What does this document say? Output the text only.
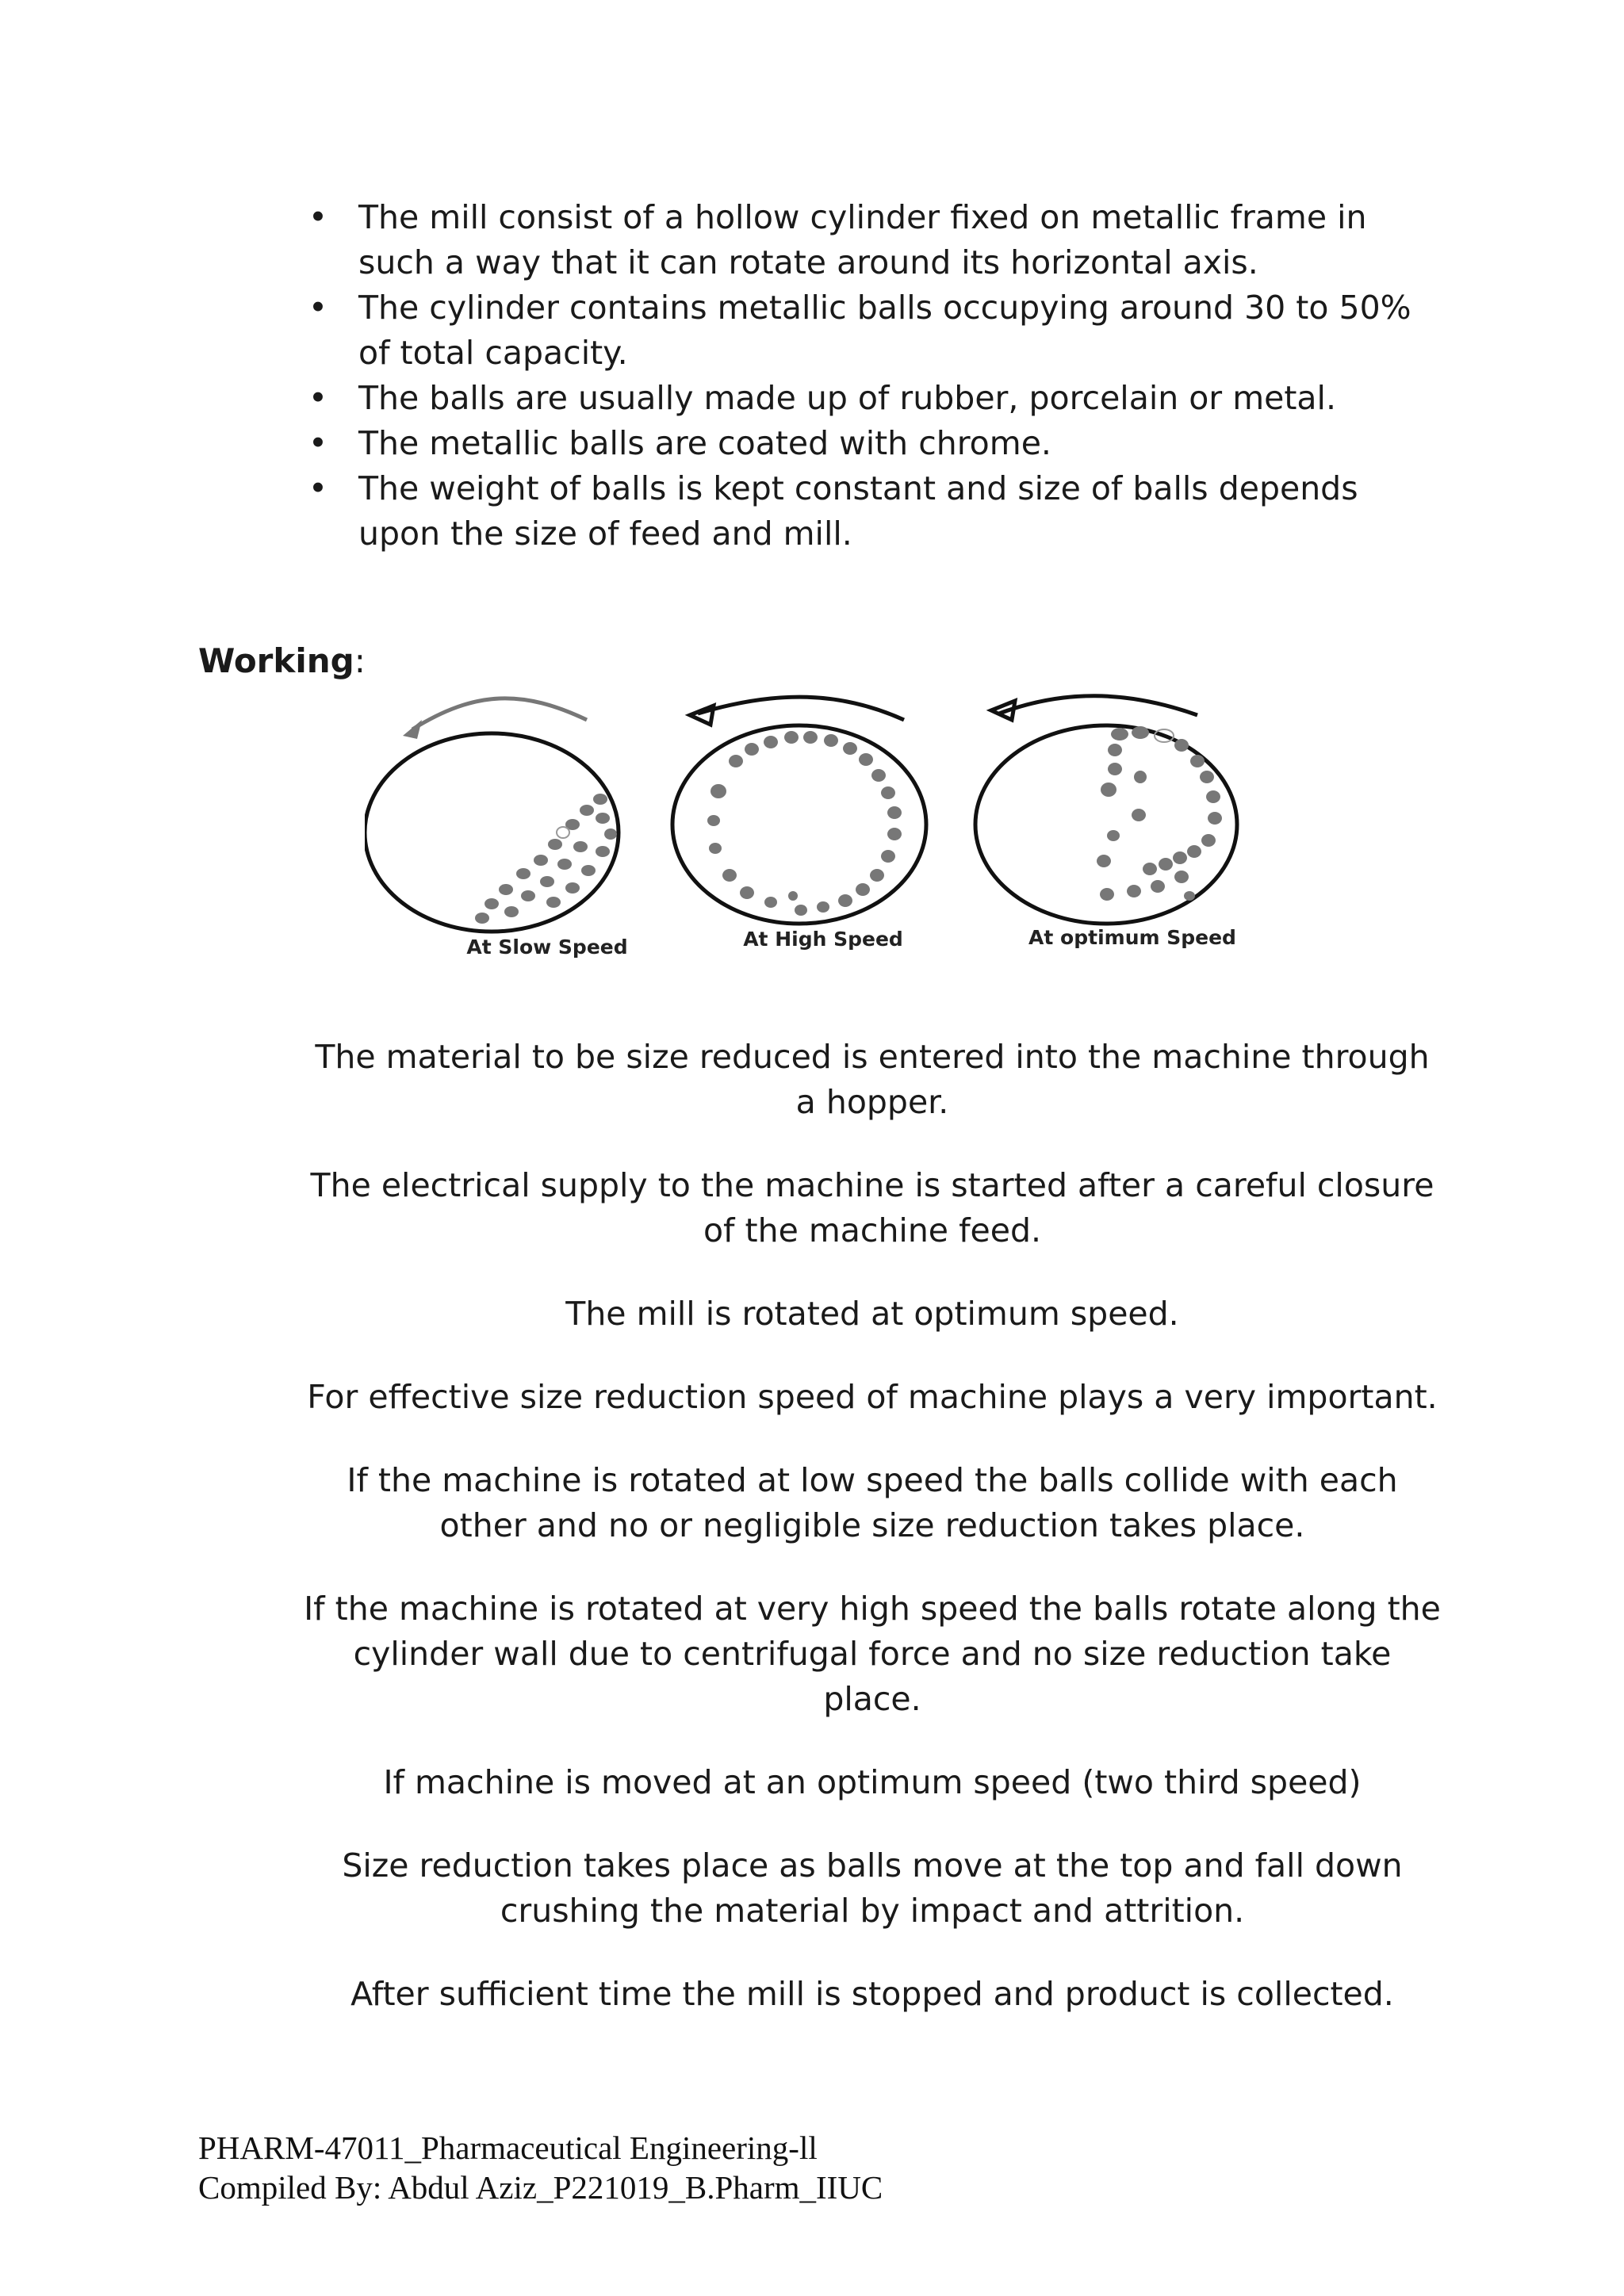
• The mill consist of a hollow cylinder fixed on metallic frame in such a way that it can rotate around its horizontal axis.
• The cylinder contains metallic balls occupying around 30 to 50% of total capacity.
• The balls are usually made up of rubber, porcelain or metal.
• The metallic balls are coated with chrome.
• The weight of balls is kept constant and size of balls depends upon the size of feed and mill.
Working:
At Slow Speed	At High Speed	At optimum Speed

The material to be size reduced is entered into the machine through a hopper.

The electrical supply to the machine is started after a careful closure of the machine feed.

The mill is rotated at optimum speed.

For effective size reduction speed of machine plays a very important.

If the machine is rotated at low speed the balls collide with each other and no or negligible size reduction takes place.

If the machine is rotated at very high speed the balls rotate along the cylinder wall due to centrifugal force and no size reduction take place.

If machine is moved at an optimum speed (two third speed)

Size reduction takes place as balls move at the top and fall down crushing the material by impact and attrition.

After sufficient time the mill is stopped and product is collected.

PHARM-47011_Pharmaceutical Engineering-ll
Compiled By: Abdul Aziz_P221019_B.Pharm_IIUC
